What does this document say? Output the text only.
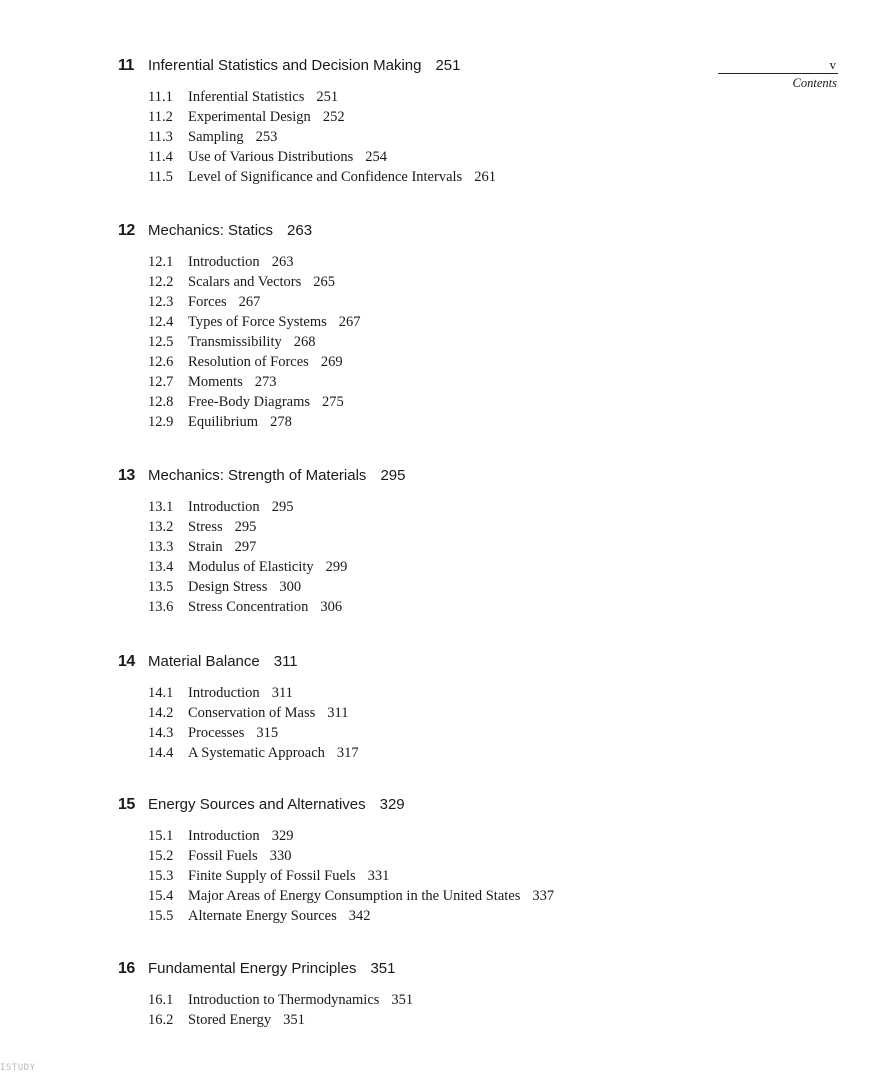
v
Contents
11 Inferential Statistics and Decision Making 251
11.1 Inferential Statistics 251
11.2 Experimental Design 252
11.3 Sampling 253
11.4 Use of Various Distributions 254
11.5 Level of Significance and Confidence Intervals 261
12 Mechanics: Statics 263
12.1 Introduction 263
12.2 Scalars and Vectors 265
12.3 Forces 267
12.4 Types of Force Systems 267
12.5 Transmissibility 268
12.6 Resolution of Forces 269
12.7 Moments 273
12.8 Free-Body Diagrams 275
12.9 Equilibrium 278
13 Mechanics: Strength of Materials 295
13.1 Introduction 295
13.2 Stress 295
13.3 Strain 297
13.4 Modulus of Elasticity 299
13.5 Design Stress 300
13.6 Stress Concentration 306
14 Material Balance 311
14.1 Introduction 311
14.2 Conservation of Mass 311
14.3 Processes 315
14.4 A Systematic Approach 317
15 Energy Sources and Alternatives 329
15.1 Introduction 329
15.2 Fossil Fuels 330
15.3 Finite Supply of Fossil Fuels 331
15.4 Major Areas of Energy Consumption in the United States 337
15.5 Alternate Energy Sources 342
16 Fundamental Energy Principles 351
16.1 Introduction to Thermodynamics 351
16.2 Stored Energy 351
ISTUDY
